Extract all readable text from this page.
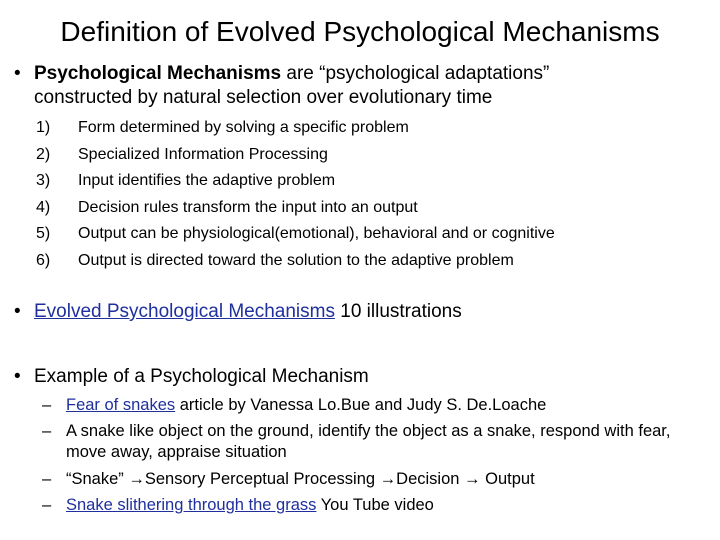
Definition of Evolved Psychological Mechanisms
• Psychological Mechanisms are “psychological adaptations”
constructed by natural selection over evolutionary time
1)	Form determined by solving a specific problem
2)	Specialized Information Processing
3)	Input identifies the adaptive problem
4)	Decision rules transform the input into an output
5)	Output can be physiological(emotional), behavioral and or cognitive
6)	Output is directed toward the solution to the adaptive problem
• Evolved Psychological Mechanisms 10 illustrations
• Example of a Psychological Mechanism
– Fear of snakes article by Vanessa Lo.Bue and Judy S. De.Loache
– A snake like object on the ground, identify the object as a snake, respond with fear, move away, appraise situation
– “Snake” →Sensory Perceptual Processing →Decision → Output
– Snake slithering through the grass You Tube video
